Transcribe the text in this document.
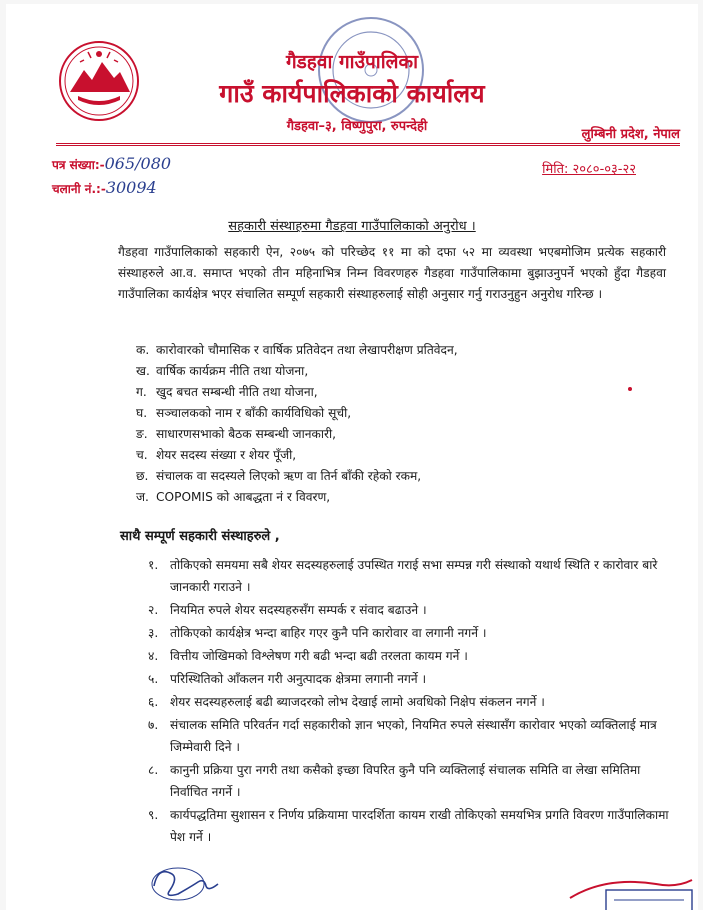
गैडहवा गाउँपालिका
गाउँ कार्यपालिकाको कार्यालय
गैडहवा–३, विष्णुपुरा, रुपन्देही
लुम्बिनी प्रदेश, नेपाल
पत्र संख्या:-065/080
चलानी नं.:-30094
मिति: २०८०-०३-२२
सहकारी संस्थाहरुमा गैडहवा गाउँपालिकाको अनुरोध ।
गैडहवा गाउँपालिकाको सहकारी ऐन, २०७५ को परिच्छेद ११ मा को दफा ५२ मा व्यवस्था भएबमोजिम प्रत्येक सहकारी संस्थाहरुले आ.व. समाप्त भएको तीन महिनाभित्र निम्न विवरणहरु गैडहवा गाउँपालिकामा बुझाउनुपर्ने भएको हुँदा गैडहवा गाउँपालिका कार्यक्षेत्र भएर संचालित सम्पूर्ण सहकारी संस्थाहरुलाई सोही अनुसार गर्नु गराउनुहुन अनुरोध गरिन्छ ।
क. कारोवारको चौमासिक र वार्षिक प्रतिवेदन तथा लेखापरीक्षण प्रतिवेदन,
ख. वार्षिक कार्यक्रम नीति तथा योजना,
ग. खुद बचत सम्बन्धी नीति तथा योजना,
घ. सञ्चालकको नाम र बाँकी कार्यविधिको सूची,
ङ. साधारणसभाको बैठक सम्बन्धी जानकारी,
च. शेयर सदस्य संख्या र शेयर पूँजी,
छ. संचालक वा सदस्यले लिएको ऋण वा तिर्न बाँकी रहेको रकम,
ज. COPOMIS को आबद्धता नं र विवरण,
साथै सम्पूर्ण सहकारी संस्थाहरुले ,
१. तोकिएको समयमा सबै शेयर सदस्यहरुलाई उपस्थित गराई सभा सम्पन्न गरी संस्थाको यथार्थ स्थिति र कारोवार बारे जानकारी गराउने ।
२. नियमित रुपले शेयर सदस्यहरुसँग सम्पर्क र संवाद बढाउने ।
३. तोकिएको कार्यक्षेत्र भन्दा बाहिर गएर कुनै पनि कारोवार वा लगानी नगर्ने ।
४. वित्तीय जोखिमको विश्लेषण गरी बढी भन्दा बढी तरलता कायम गर्ने ।
५. परिस्थितिको आँकलन गरी अनुत्पादक क्षेत्रमा लगानी नगर्ने ।
६. शेयर सदस्यहरुलाई बढी ब्याजदरको लोभ देखाई लामो अवधिको निक्षेप संकलन नगर्ने ।
७. संचालक समिति परिवर्तन गर्दा सहकारीको ज्ञान भएको, नियमित रुपले संस्थासँग कारोवार भएको व्यक्तिलाई मात्र जिम्मेवारी दिने ।
८. कानुनी प्रक्रिया पुरा नगरी तथा कसैको इच्छा विपरित कुनै पनि व्यक्तिलाई संचालक समिति वा लेखा समितिमा निर्वाचित नगर्ने ।
९. कार्यपद्धतिमा सुशासन र निर्णय प्रक्रियामा पारदर्शिता कायम राखी तोकिएको समयभित्र प्रगति विवरण गाउँपालिकामा पेश गर्ने ।
